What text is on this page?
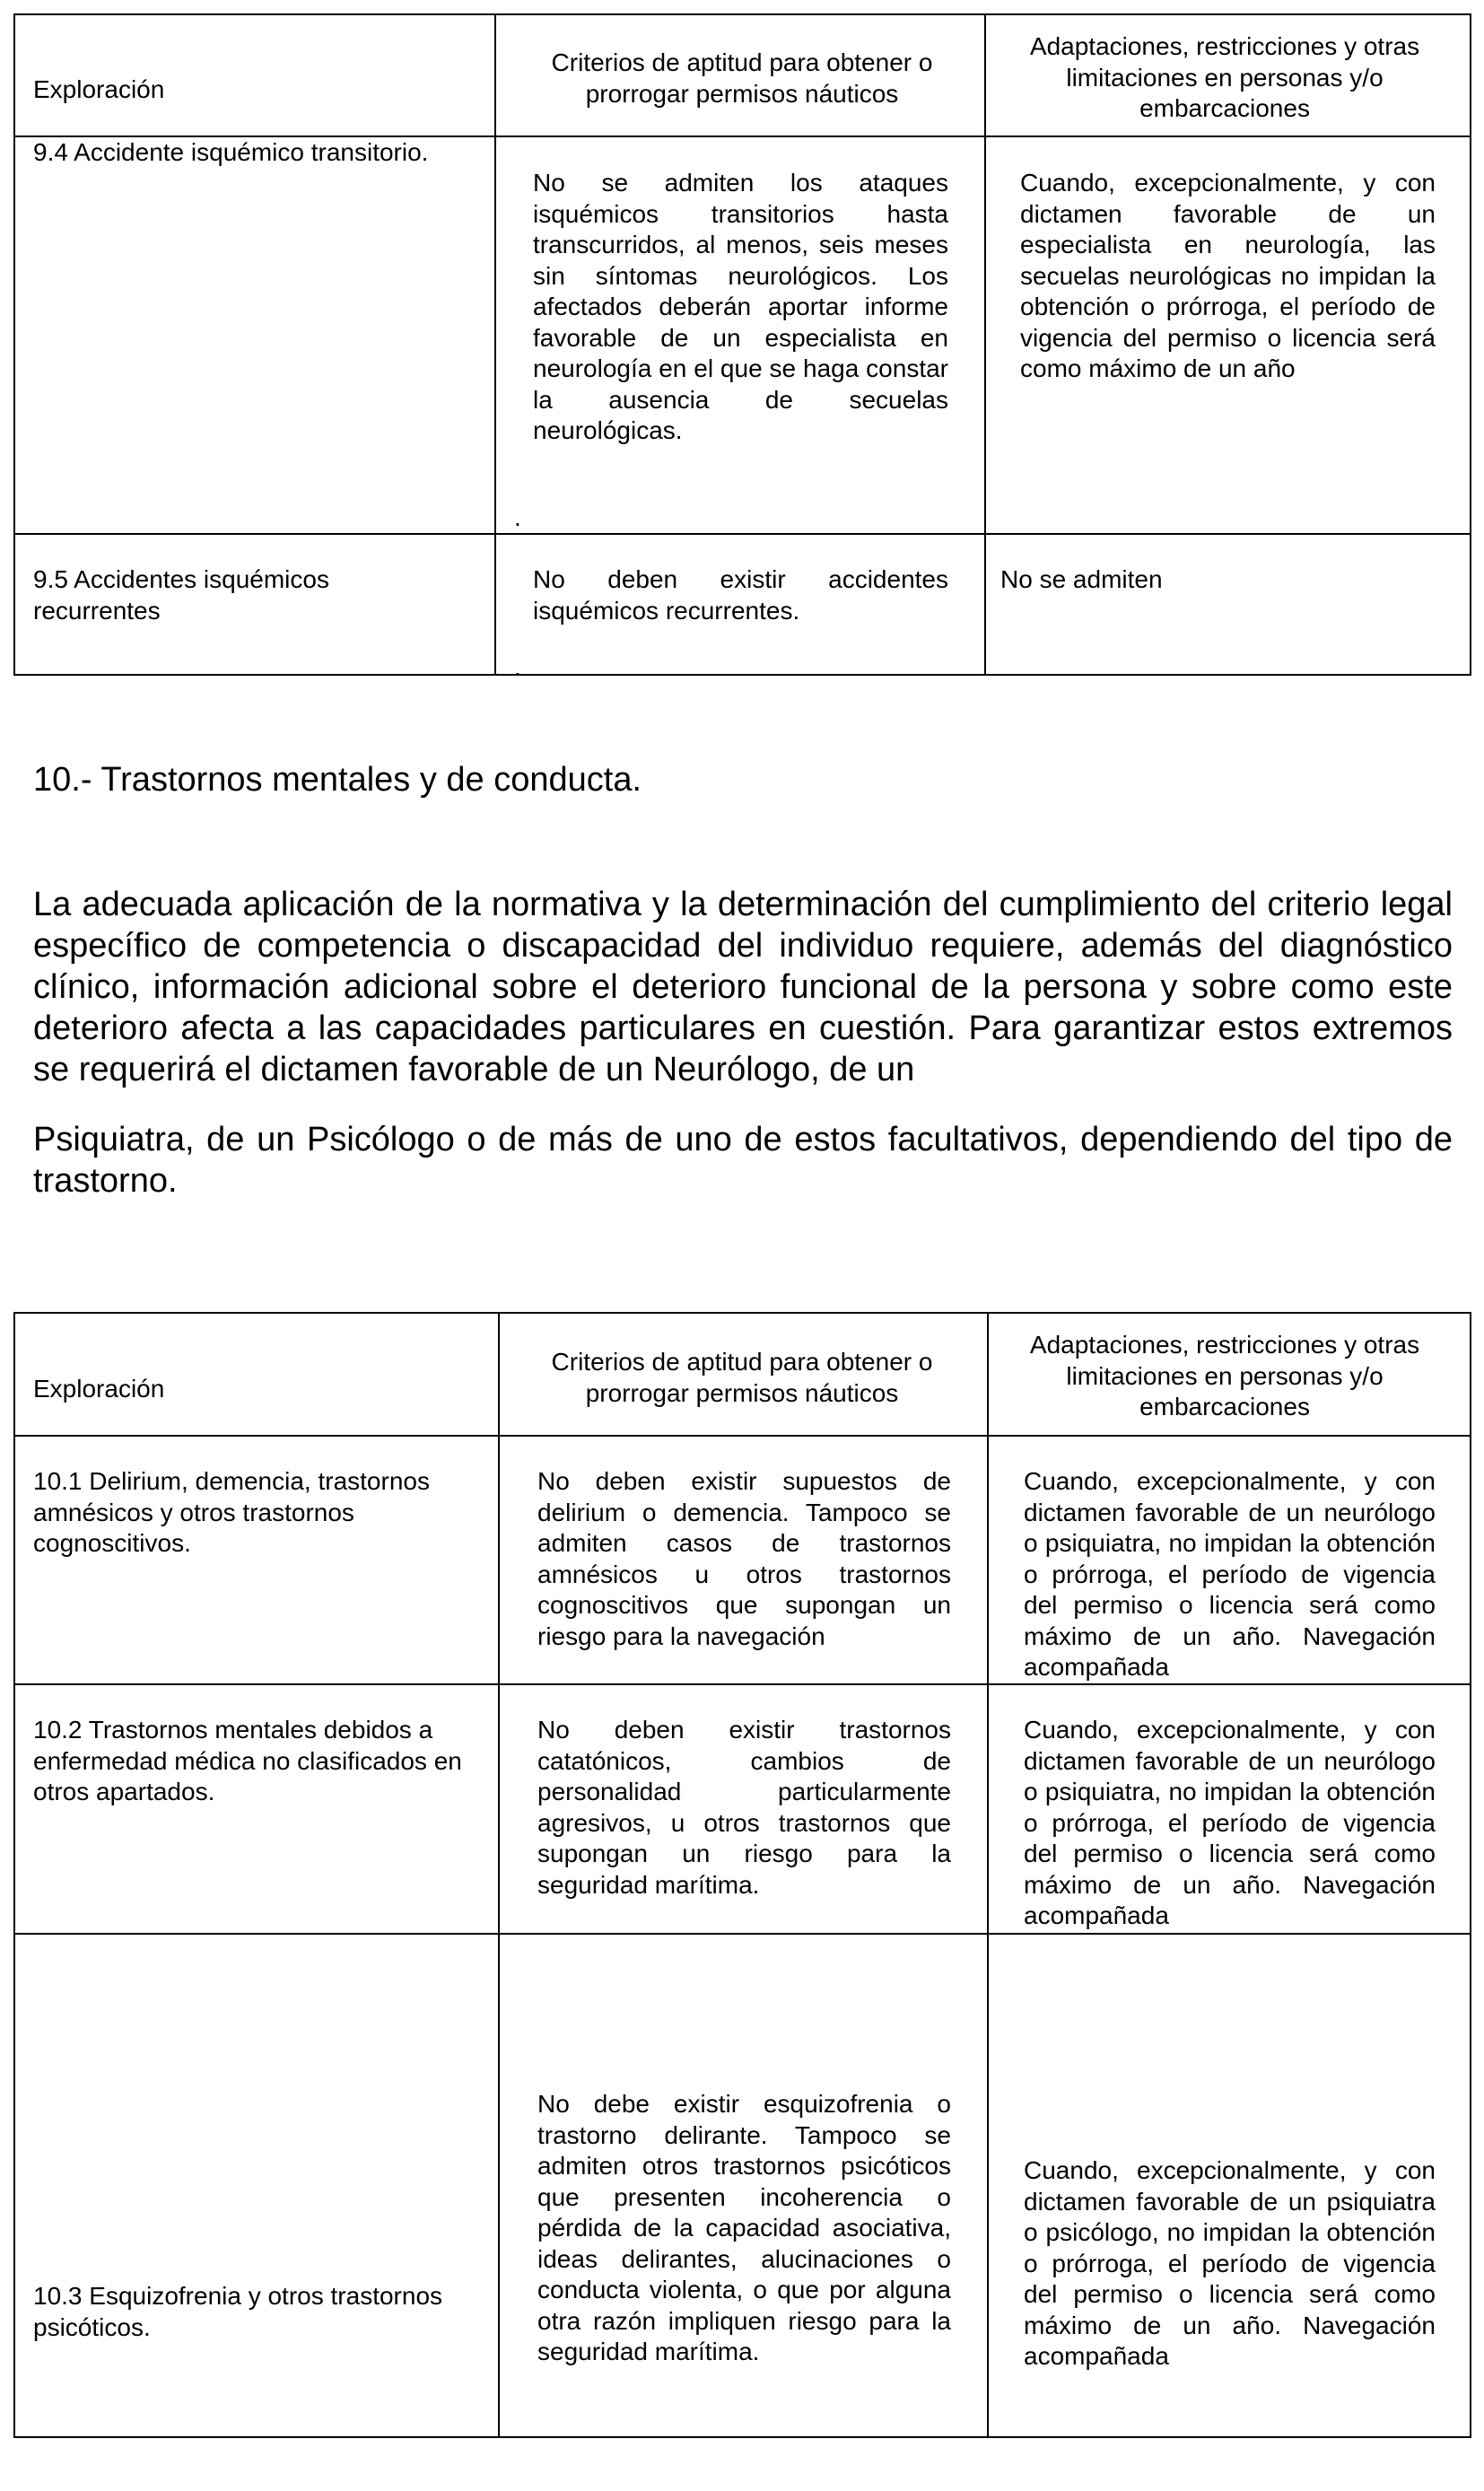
Exploración
Criterios de aptitud para obtener o prorrogar permisos náuticos
Adaptaciones, restricciones y otras limitaciones en personas y/o embarcaciones
9.4 Accidente isquémico transitorio.
No se admiten los ataques isquémicos transitorios hasta transcurridos, al menos, seis meses sin síntomas neurológicos. Los afectados deberán aportar informe favorable de un especialista en neurología en el que se haga constar la ausencia de secuelas neurológicas.
.
Cuando, excepcionalmente, y con dictamen favorable de un especialista en neurología, las secuelas neurológicas no impidan la obtención o prórroga, el período de vigencia del permiso o licencia será como máximo de un año
9.5 Accidentes isquémicos recurrentes
No deben existir accidentes isquémicos recurrentes.
.
No se admiten
10.- Trastornos mentales y de conducta.
La adecuada aplicación de la normativa y la determinación del cumplimiento del criterio legal específico de competencia o discapacidad del individuo requiere, además del diagnóstico clínico, información adicional sobre el deterioro funcional de la persona y sobre como este deterioro afecta a las capacidades particulares en cuestión. Para garantizar estos extremos se requerirá el dictamen favorable de un Neurólogo, de un
Psiquiatra, de un Psicólogo o de más de uno de estos facultativos, dependiendo del tipo de trastorno.
Exploración
Criterios de aptitud para obtener o prorrogar permisos náuticos
Adaptaciones, restricciones y otras limitaciones en personas y/o embarcaciones
10.1 Delirium, demencia, trastornos amnésicos y otros trastornos cognoscitivos.
No deben existir supuestos de delirium o demencia. Tampoco se admiten casos de trastornos amnésicos u otros trastornos cognoscitivos que supongan un riesgo para la navegación
Cuando, excepcionalmente, y con dictamen favorable de un neurólogo o psiquiatra, no impidan la obtención o prórroga, el período de vigencia del permiso o licencia será como máximo de un año. Navegación acompañada
10.2 Trastornos mentales debidos a enfermedad médica no clasificados en otros apartados.
No deben existir trastornos catatónicos, cambios de personalidad particularmente agresivos, u otros trastornos que supongan un riesgo para la seguridad marítima.
Cuando, excepcionalmente, y con dictamen favorable de un neurólogo o psiquiatra, no impidan la obtención o prórroga, el período de vigencia del permiso o licencia será como máximo de un año. Navegación acompañada
10.3 Esquizofrenia y otros trastornos psicóticos.
No debe existir esquizofrenia o trastorno delirante. Tampoco se admiten otros trastornos psicóticos que presenten incoherencia o pérdida de la capacidad asociativa, ideas delirantes, alucinaciones o conducta violenta, o que por alguna otra razón impliquen riesgo para la seguridad marítima.
Cuando, excepcionalmente, y con dictamen favorable de un psiquiatra o psicólogo, no impidan la obtención o prórroga, el período de vigencia del permiso o licencia será como máximo de un año. Navegación acompañada
